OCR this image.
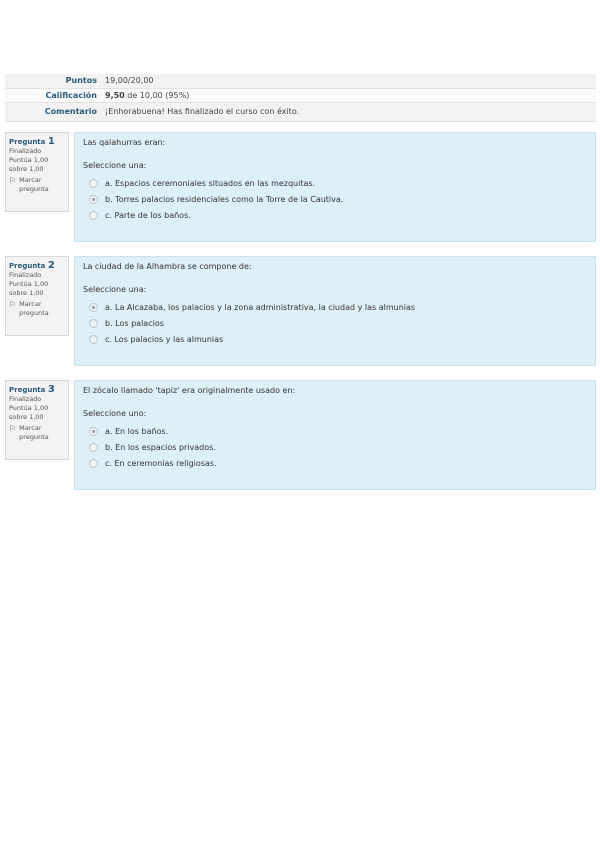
Puntos	19,00/20,00
Calificación	9,50 de 10,00 (95%)
Comentario	¡Enhorabuena! Has finalizado el curso con éxito.
Pregunta 1
Finalizado
Puntúa 1,00 sobre 1,00
⚐ Marcar pregunta
Las qalahurras eran:
Seleccione una:
a. Espacios ceremoniales situados en las mezquitas.
b. Torres palacios residenciales como la Torre de la Cautiva.
c. Parte de los baños.
Pregunta 2
Finalizado
Puntúa 1,00 sobre 1,00
⚐ Marcar pregunta
La ciudad de la Alhambra se compone de:
Seleccione una:
a. La Alcazaba, los palacios y la zona administrativa, la ciudad y las almunias
b. Los palacios
c. Los palacios y las almunias
Pregunta 3
Finalizado
Puntúa 1,00 sobre 1,00
⚐ Marcar pregunta
El zócalo llamado 'tapiz' era originalmente usado en:
Seleccione uno:
a. En los baños.
b. En los espacios privados.
c. En ceremonias religiosas.
